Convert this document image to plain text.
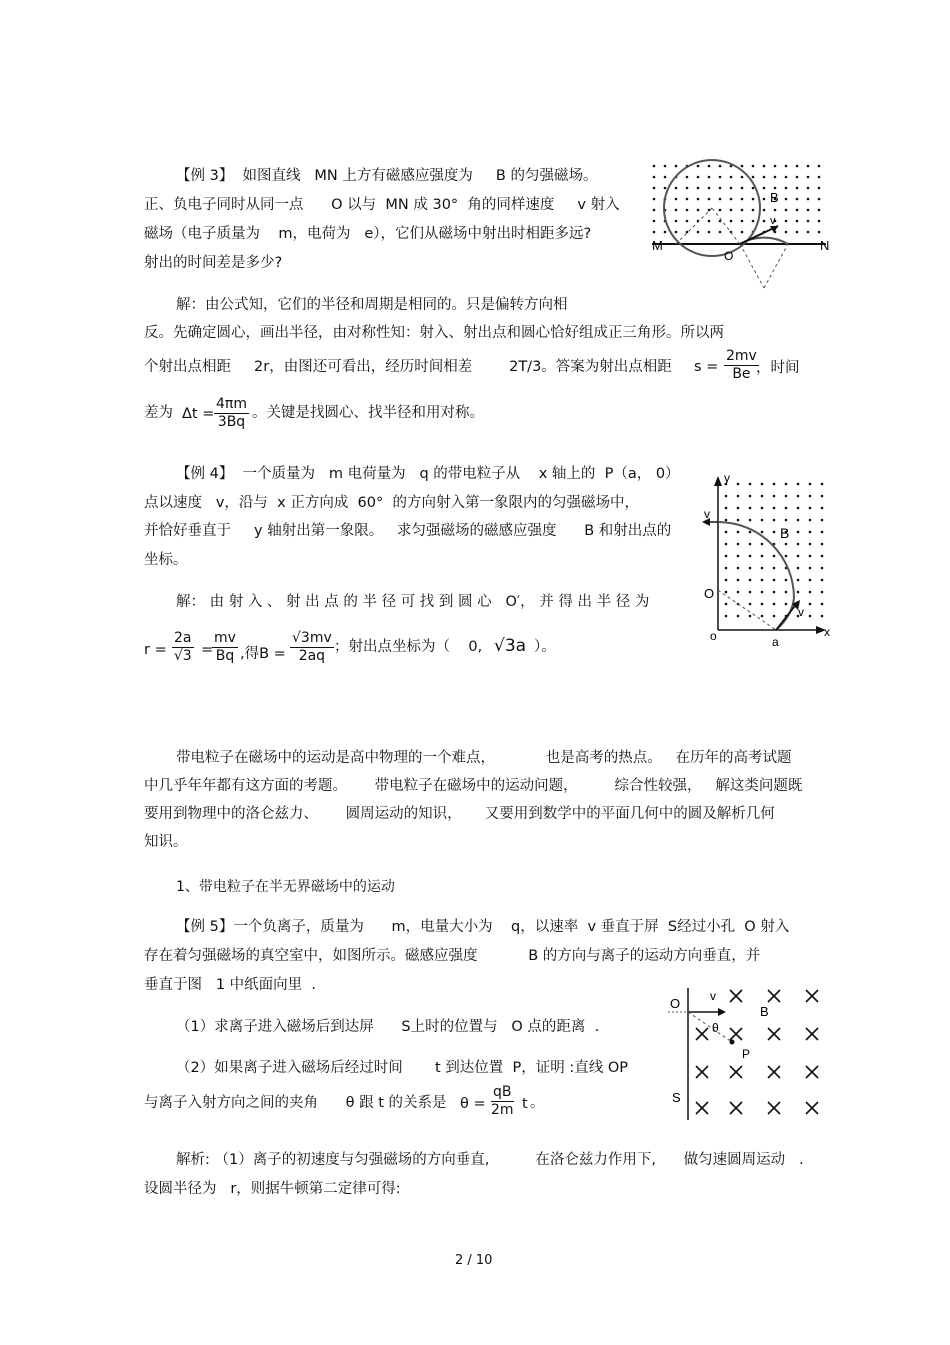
【例 3】  如图直线   MN 上方有磁感应强度为     B 的匀强磁场。
正、负电子同时从同一点      O 以与  MN 成 30°  角的同样速度     v 射入
磁场（电子质量为    m，电荷为   e），它们从磁场中射出时相距多远?
射出的时间差是多少?
解：由公式知，它们的半径和周期是相同的。只是偏转方向相
反。先确定圆心，画出半径，由对称性知：射入、射出点和圆心恰好组成正三角形。所以两
个射出点相距     2r，由图还可看出，经历时间相差        2T/3。答案为射出点相距 $s = \frac{2mv}{Be}$
，时间
差为 $\Delta t = \frac{4\pi m}{3Bq}$ 。关键是找圆心、找半径和用对称。
B
v
M
O
N
【例 4】  一个质量为   m 电荷量为   q 的带电粒子从    x 轴上的  P（a， 0）
点以速度   v，沿与  x 正方向成  60°  的方向射入第一象限内的匀强磁场中，
并恰好垂直于     y 轴射出第一象限。   求匀强磁场的磁感应强度      B 和射出点的
坐标。
解： 由 射 入 、 射 出 点 的 半 径 可 找 到 圆 心   O′， 并 得 出 半 径 为
$r = \frac{2a}{√3}$ =
$\frac{mv}{Bq}$ ,得$B = \frac{√3mv}{2aq}$ ；射出点坐标为（    0, √3a ）。
y
v
B
O
v
o	a
x
带电粒子在磁场中的运动是高中物理的一个难点，           也是高考的热点。   在历年的高考试题
中几乎年年都有这方面的考题。      带电粒子在磁场中的运动问题，        综合性较强，   解这类问题既
要用到物理中的洛仑兹力、      圆周运动的知识，     又要用到数学中的平面几何中的圆及解析几何
知识。
1、带电粒子在半无界磁场中的运动
【例 5】一个负离子，质量为      m，电量大小为    q，以速率  v 垂直于屏  S经过小孔  O 射入
存在着匀强磁场的真空室中，如图所示。磁感应强度           B 的方向与离子的运动方向垂直，并
垂直于图   1 中纸面向里  .
（1）求离子进入磁场后到达屏      S上时的位置与   O 点的距离  .
（2）如果离子进入磁场后经过时间       t 到达位置  P，证明 :直线 OP
与离子入射方向之间的夹角      θ 跟 t 的关系是 $\theta = \frac{qB}{2m}$ t 。
解析: （1）离子的初速度与匀强磁场的方向垂直,          在洛仑兹力作用下,      做匀速圆周运动   .
设圆半径为   r，则据牛顿第二定律可得:
O v
B
θ
P
S
2 / 10
